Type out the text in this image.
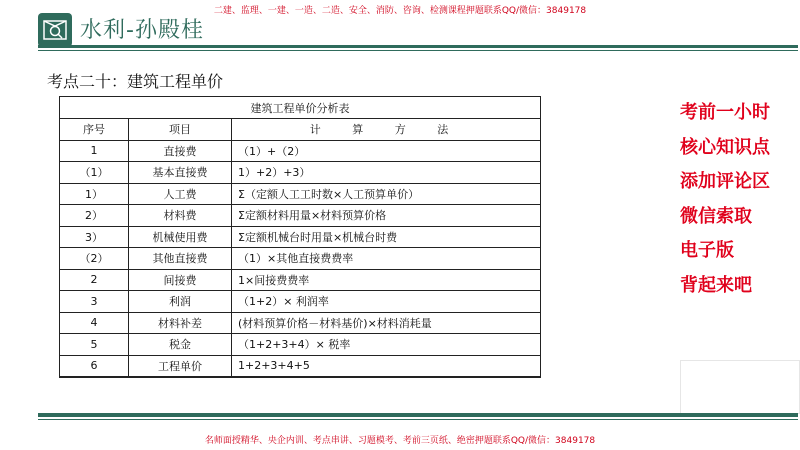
二建、监理、一建、一造、二造、安全、消防、咨询、检测课程押题联系QQ/微信：3849178
水利-孙殿桂
考点二十：建筑工程单价
建筑工程单价分析表		
序号	项目	计 算 方 法
1	直接费	（1）+（2）
（1）	基本直接费	1）+2）+3）
1）	人工费	Σ（定额人工工时数×人工预算单价）
2）	材料费	Σ定额材料用量×材料预算价格
3）	机械使用费	Σ定额机械台时用量×机械台时费
（2）	其他直接费	（1）×其他直接费费率
2	间接费	1×间接费费率
3	利润	（1+2）× 利润率
4	材料补差	(材料预算价格－材料基价)×材料消耗量
5	税金	（1+2+3+4）× 税率
6	工程单价	1+2+3+4+5
考前一小时
核心知识点
添加评论区
微信索取
电子版
背起来吧
名师面授精华、央企内训、考点串讲、习题模考、考前三页纸、绝密押题联系QQ/微信：3849178
